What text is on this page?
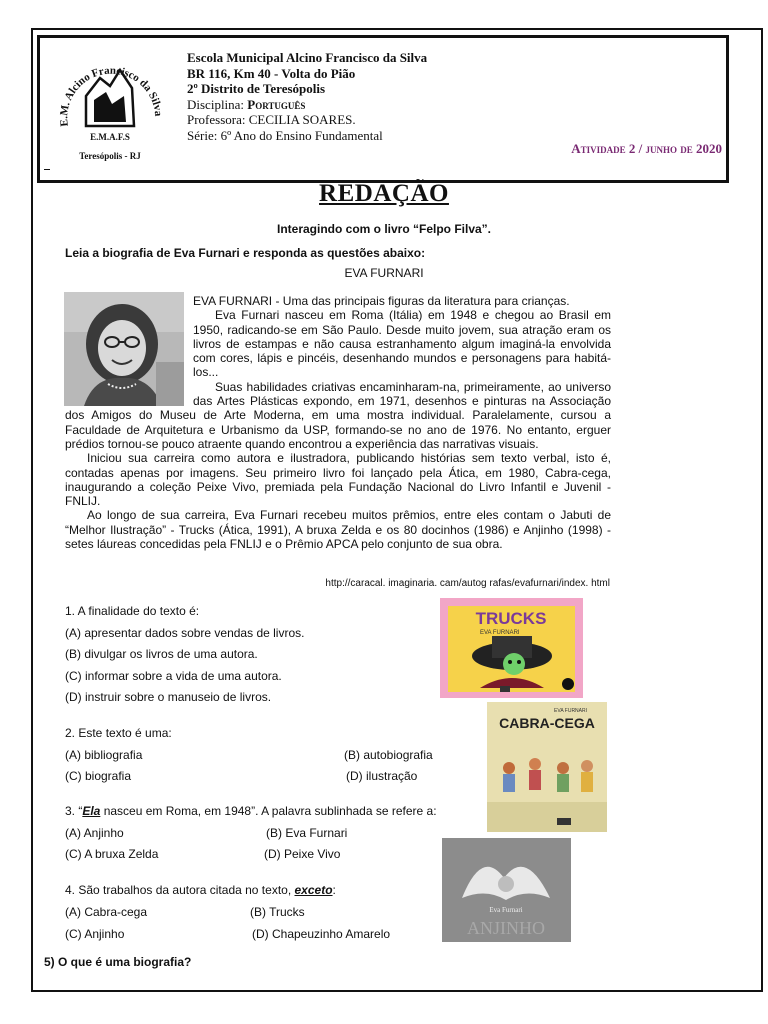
E.M. Alcino Francisco da Silva
E.M.A.F.S
Teresópolis - RJ
Escola Municipal Alcino Francisco da Silva
BR 116, Km 40 - Volta do Pião
2º Distrito de Teresópolis
Disciplina: Português
Professora: CECILIA SOARES.
Série: 6º Ano do Ensino Fundamental
Atividade 2 / junho de 2020
REDAÇÃO
Interagindo com o livro “Felpo Filva”.
Leia a biografia de Eva Furnari e responda as questões abaixo:
EVA FURNARI

EVA FURNARI - Uma das principais figuras da literatura para crianças.

Eva Furnari nasceu em Roma (Itália) em 1948 e chegou ao Brasil em 1950, radicando-se em São Paulo. Desde muito jovem, sua atração eram os livros de estampas e não causa estranhamento algum imaginá-la envolvida com cores, lápis e pincéis, desenhando mundos e personagens para habitá-los...

Suas habilidades criativas encaminharam-na, primeiramente, ao universo das Artes Plásticas expondo, em 1971, desenhos e pinturas na Associação dos Amigos do Museu de Arte Moderna, em uma mostra individual. Paralelamente, cursou a Faculdade de Arquitetura e Urbanismo da USP, formando-se no ano de 1976. No entanto, erguer prédios tornou-se pouco atraente quando encontrou a experiência das narrativas visuais.

Iniciou sua carreira como autora e ilustradora, publicando histórias sem texto verbal, isto é, contadas apenas por imagens. Seu primeiro livro foi lançado pela Ática, em 1980, Cabra-cega, inaugurando a coleção Peixe Vivo, premiada pela Fundação Nacional do Livro Infantil e Juvenil -FNLIJ.

Ao longo de sua carreira, Eva Furnari recebeu muitos prêmios, entre eles contam o Jabuti de “Melhor Ilustração” - Trucks (Ática, 1991), A bruxa Zelda e os 80 docinhos (1986) e Anjinho (1998) - setes láureas concedidas pela FNLIJ e o Prêmio APCA pelo conjunto de sua obra.

http://caracal. imaginaria. cam/autog rafas/evafurnari/index. html
1. A finalidade do texto é:
(A) apresentar dados sobre vendas de livros.
(B) divulgar os livros de uma autora.
(C) informar sobre a vida de uma autora.
(D) instruir sobre o manuseio de livros.
2. Este texto é uma:
(A) bibliografia	(B) autobiografia
(C) biografia	(D) ilustração
3. “Ela nasceu em Roma, em 1948”. A palavra sublinhada se refere a:
(A) Anjinho	(B) Eva Furnari
(C) A bruxa Zelda	(D) Peixe Vivo
4. São trabalhos da autora citada no texto, exceto:
(A) Cabra-cega	(B) Trucks
(C) Anjinho	(D) Chapeuzinho Amarelo
5) O que é uma biografia?
TRUCKS
EVA FURNARI
EVA FURNARI
CABRA-CEGA
Eva Furnari
ANJINHO
